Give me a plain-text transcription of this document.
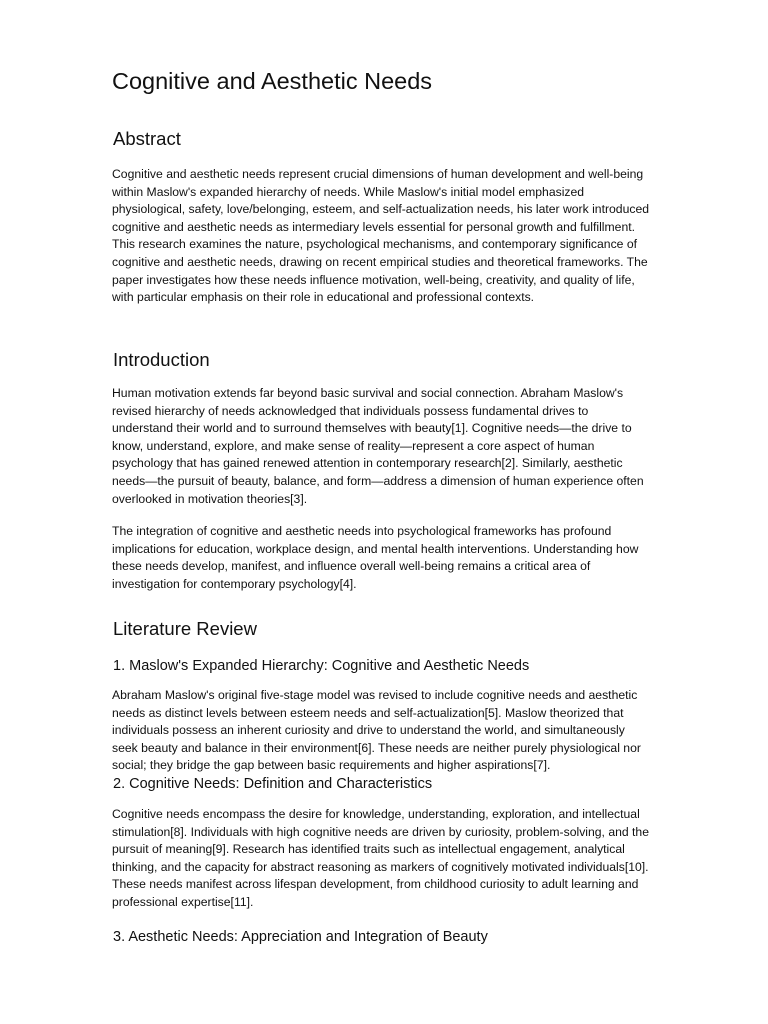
Cognitive and Aesthetic Needs
Abstract

Cognitive and aesthetic needs represent crucial dimensions of human development and well-being within Maslow's expanded hierarchy of needs. While Maslow's initial model emphasized physiological, safety, love/belonging, esteem, and self-actualization needs, his later work introduced cognitive and aesthetic needs as intermediary levels essential for personal growth and fulfillment. This research examines the nature, psychological mechanisms, and contemporary significance of cognitive and aesthetic needs, drawing on recent empirical studies and theoretical frameworks. The paper investigates how these needs influence motivation, well-being, creativity, and quality of life, with particular emphasis on their role in educational and professional contexts.

Introduction

Human motivation extends far beyond basic survival and social connection. Abraham Maslow's revised hierarchy of needs acknowledged that individuals possess fundamental drives to understand their world and to surround themselves with beauty[1]. Cognitive needs—the drive to know, understand, explore, and make sense of reality—represent a core aspect of human psychology that has gained renewed attention in contemporary research[2]. Similarly, aesthetic needs—the pursuit of beauty, balance, and form—address a dimension of human experience often overlooked in motivation theories[3].

The integration of cognitive and aesthetic needs into psychological frameworks has profound implications for education, workplace design, and mental health interventions. Understanding how these needs develop, manifest, and influence overall well-being remains a critical area of investigation for contemporary psychology[4].

Literature Review
1. Maslow's Expanded Hierarchy: Cognitive and Aesthetic Needs

Abraham Maslow's original five-stage model was revised to include cognitive needs and aesthetic needs as distinct levels between esteem needs and self-actualization[5]. Maslow theorized that individuals possess an inherent curiosity and drive to understand the world, and simultaneously seek beauty and balance in their environment[6]. These needs are neither purely physiological nor social; they bridge the gap between basic requirements and higher aspirations[7].

2. Cognitive Needs: Definition and Characteristics

Cognitive needs encompass the desire for knowledge, understanding, exploration, and intellectual stimulation[8]. Individuals with high cognitive needs are driven by curiosity, problem-solving, and the pursuit of meaning[9]. Research has identified traits such as intellectual engagement, analytical thinking, and the capacity for abstract reasoning as markers of cognitively motivated individuals[10]. These needs manifest across lifespan development, from childhood curiosity to adult learning and professional expertise[11].

3. Aesthetic Needs: Appreciation and Integration of Beauty
